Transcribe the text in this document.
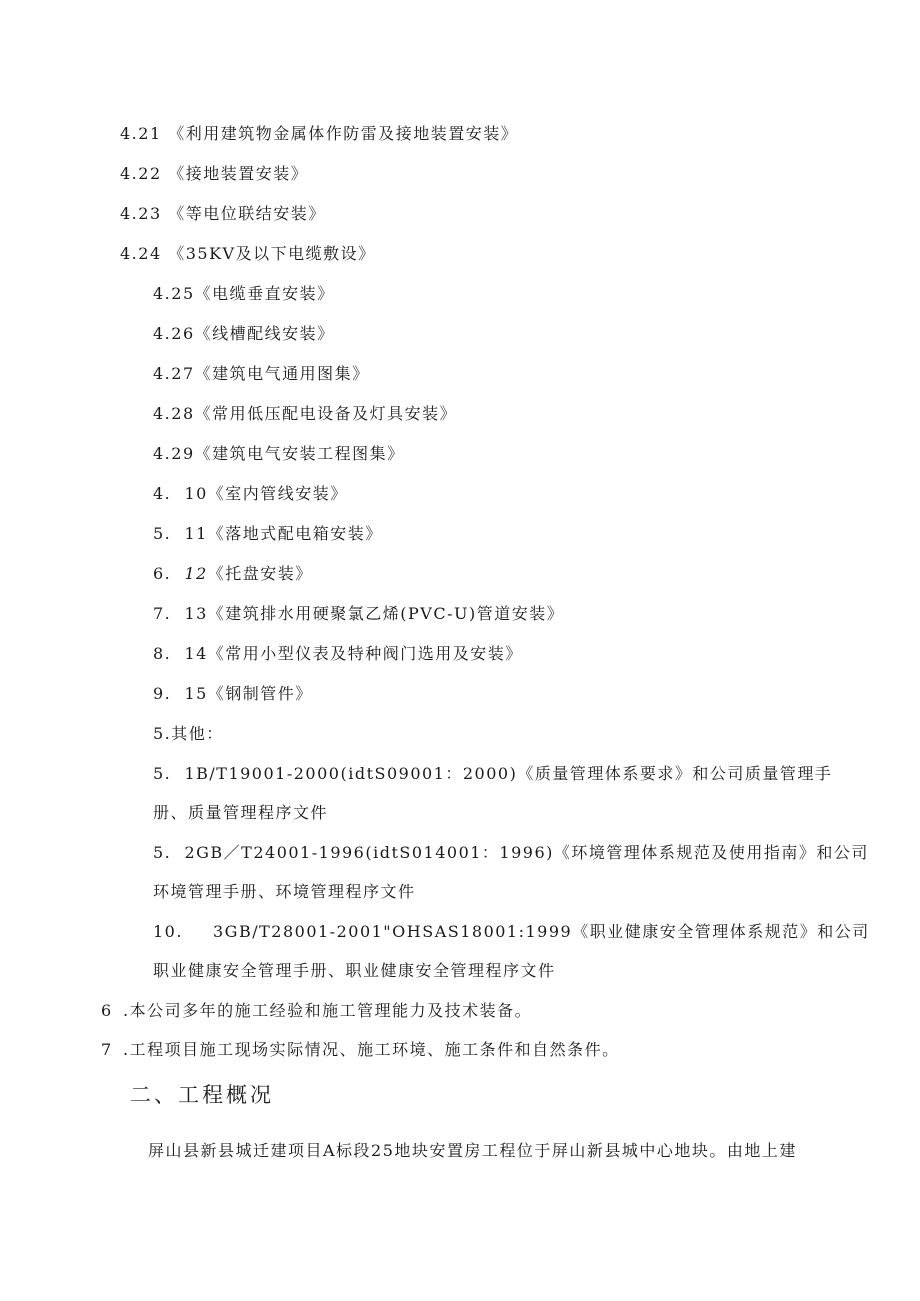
4.21 《利用建筑物金属体作防雷及接地装置安装》
4.22 《接地装置安装》
4.23 《等电位联结安装》
4.24 《35KV及以下电缆敷设》
4.25《电缆垂直安装》
4.26《线槽配线安装》
4.27《建筑电气通用图集》
4.28《常用低压配电设备及灯具安装》
4.29《建筑电气安装工程图集》
4.  10《室内管线安装》
5.  11《落地式配电箱安装》
6. 12《托盘安装》
7.  13《建筑排水用硬聚氯乙烯(PVC-U)管道安装》
8.  14《常用小型仪表及特种阀门选用及安装》
9.  15《钢制管件》
5.其他：
5.  1B/T19001-2000(idtS09001：2000)《质量管理体系要求》和公司质量管理手
册、质量管理程序文件
5.  2GB／T24001-1996(idtS014001：1996)《环境管理体系规范及使用指南》和公司
环境管理手册、环境管理程序文件
10. 3GB/T28001-2001"OHSAS18001:1999《职业健康安全管理体系规范》和公司
职业健康安全管理手册、职业健康安全管理程序文件
6 .本公司多年的施工经验和施工管理能力及技术装备。
7 .工程项目施工现场实际情况、施工环境、施工条件和自然条件。
二、工程概况
屏山县新县城迁建项目A标段25地块安置房工程位于屏山新县城中心地块。由地上建
